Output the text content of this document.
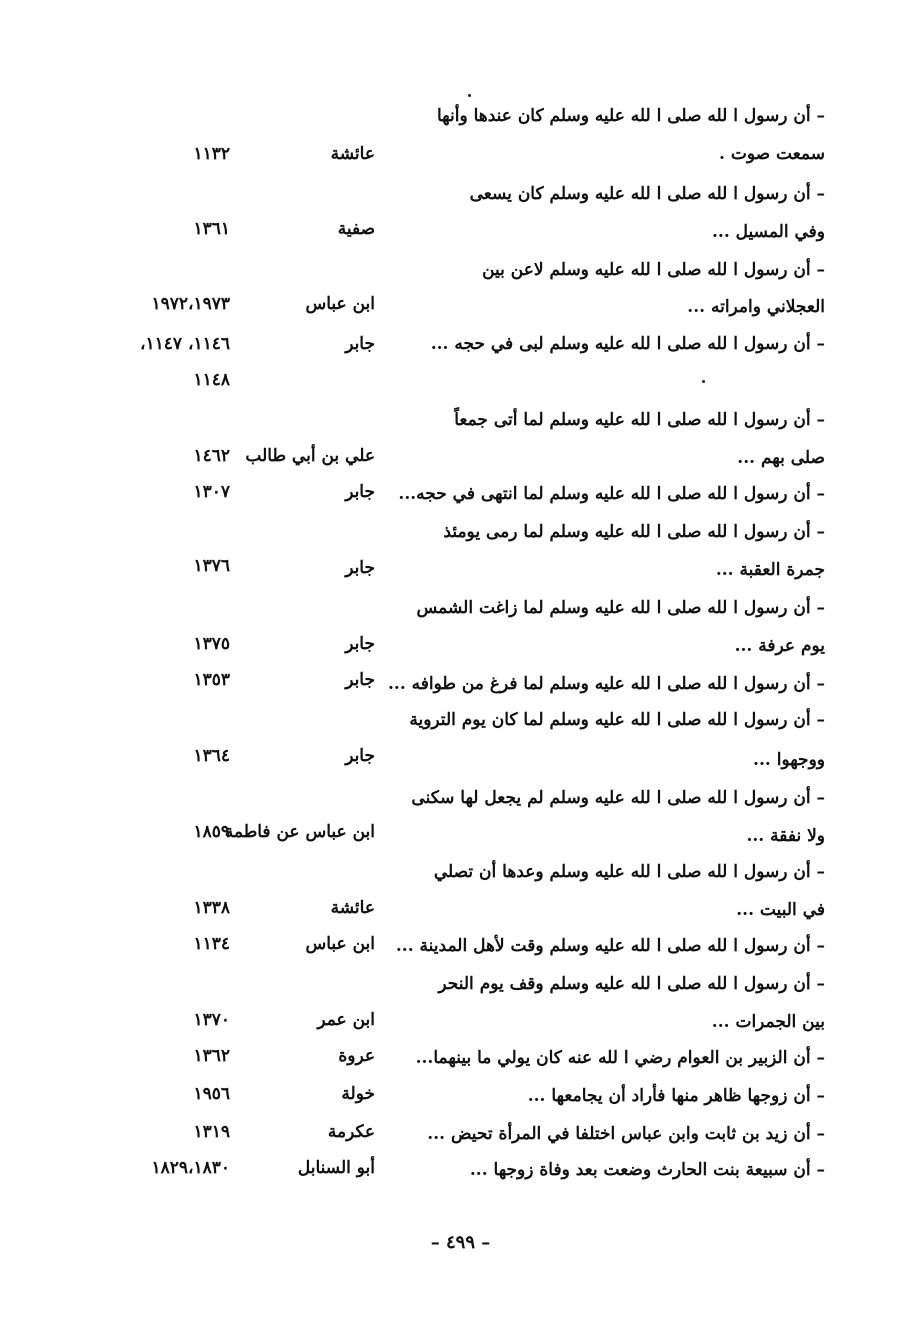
– أن رسول ا لله صلى ا لله عليه وسلم كان عندها وأنها
سمعت صوت .
عائشة
١١٣٢
– أن رسول ا لله صلى ا لله عليه وسلم كان يسعى
وفي المسيل ...
صفية
١٣٦١
– أن رسول ا لله صلى ا لله عليه وسلم لاعن بين
العجلاني وامراته ...
ابن عباس
١٩٧٢،١٩٧٣
– أن رسول ا لله صلى ا لله عليه وسلم لبى في حجه ...
جابر
١١٤٦، ١١٤٧،
١١٤٨
– أن رسول ا لله صلى ا لله عليه وسلم لما أتى جمعاً
صلى بهم ...
علي بن أبي طالب
١٤٦٢
– أن رسول ا لله صلى ا لله عليه وسلم لما انتهى في حجه...
جابر
١٣٠٧
– أن رسول ا لله صلى ا لله عليه وسلم لما رمى يومئذ
جمرة العقبة ...
جابر
١٣٧٦
– أن رسول ا لله صلى ا لله عليه وسلم لما زاغت الشمس
يوم عرفة ...
جابر
١٣٧٥
– أن رسول ا لله صلى ا لله عليه وسلم لما فرغ من طوافه ...
جابر
١٣٥٣
– أن رسول ا لله صلى ا لله عليه وسلم لما كان يوم التروية
ووجهوا ...
جابر
١٣٦٤
– أن رسول ا لله صلى ا لله عليه وسلم لم يجعل لها سكنى
ولا نفقة ...
ابن عباس عن فاطمة
١٨٥٩
– أن رسول ا لله صلى ا لله عليه وسلم وعدها أن تصلي
في البيت ...
عائشة
١٣٣٨
– أن رسول ا لله صلى ا لله عليه وسلم وقت لأهل المدينة ...
ابن عباس
١١٣٤
– أن رسول ا لله صلى ا لله عليه وسلم وقف يوم النحر
بين الجمرات ...
ابن عمر
١٣٧٠
– أن الزبير بن العوام رضي ا لله عنه كان يولي ما بينهما...
عروة
١٣٦٢
– أن زوجها ظاهر منها فأراد أن يجامعها ...
خولة
١٩٥٦
– أن زيد بن ثابت وابن عباس اختلفا في المرأة تحيض ...
عكرمة
١٣١٩
– أن سبيعة بنت الحارث وضعت بعد وفاة زوجها ...
أبو السنابل
١٨٢٩،١٨٣٠
– ٤٩٩ –
